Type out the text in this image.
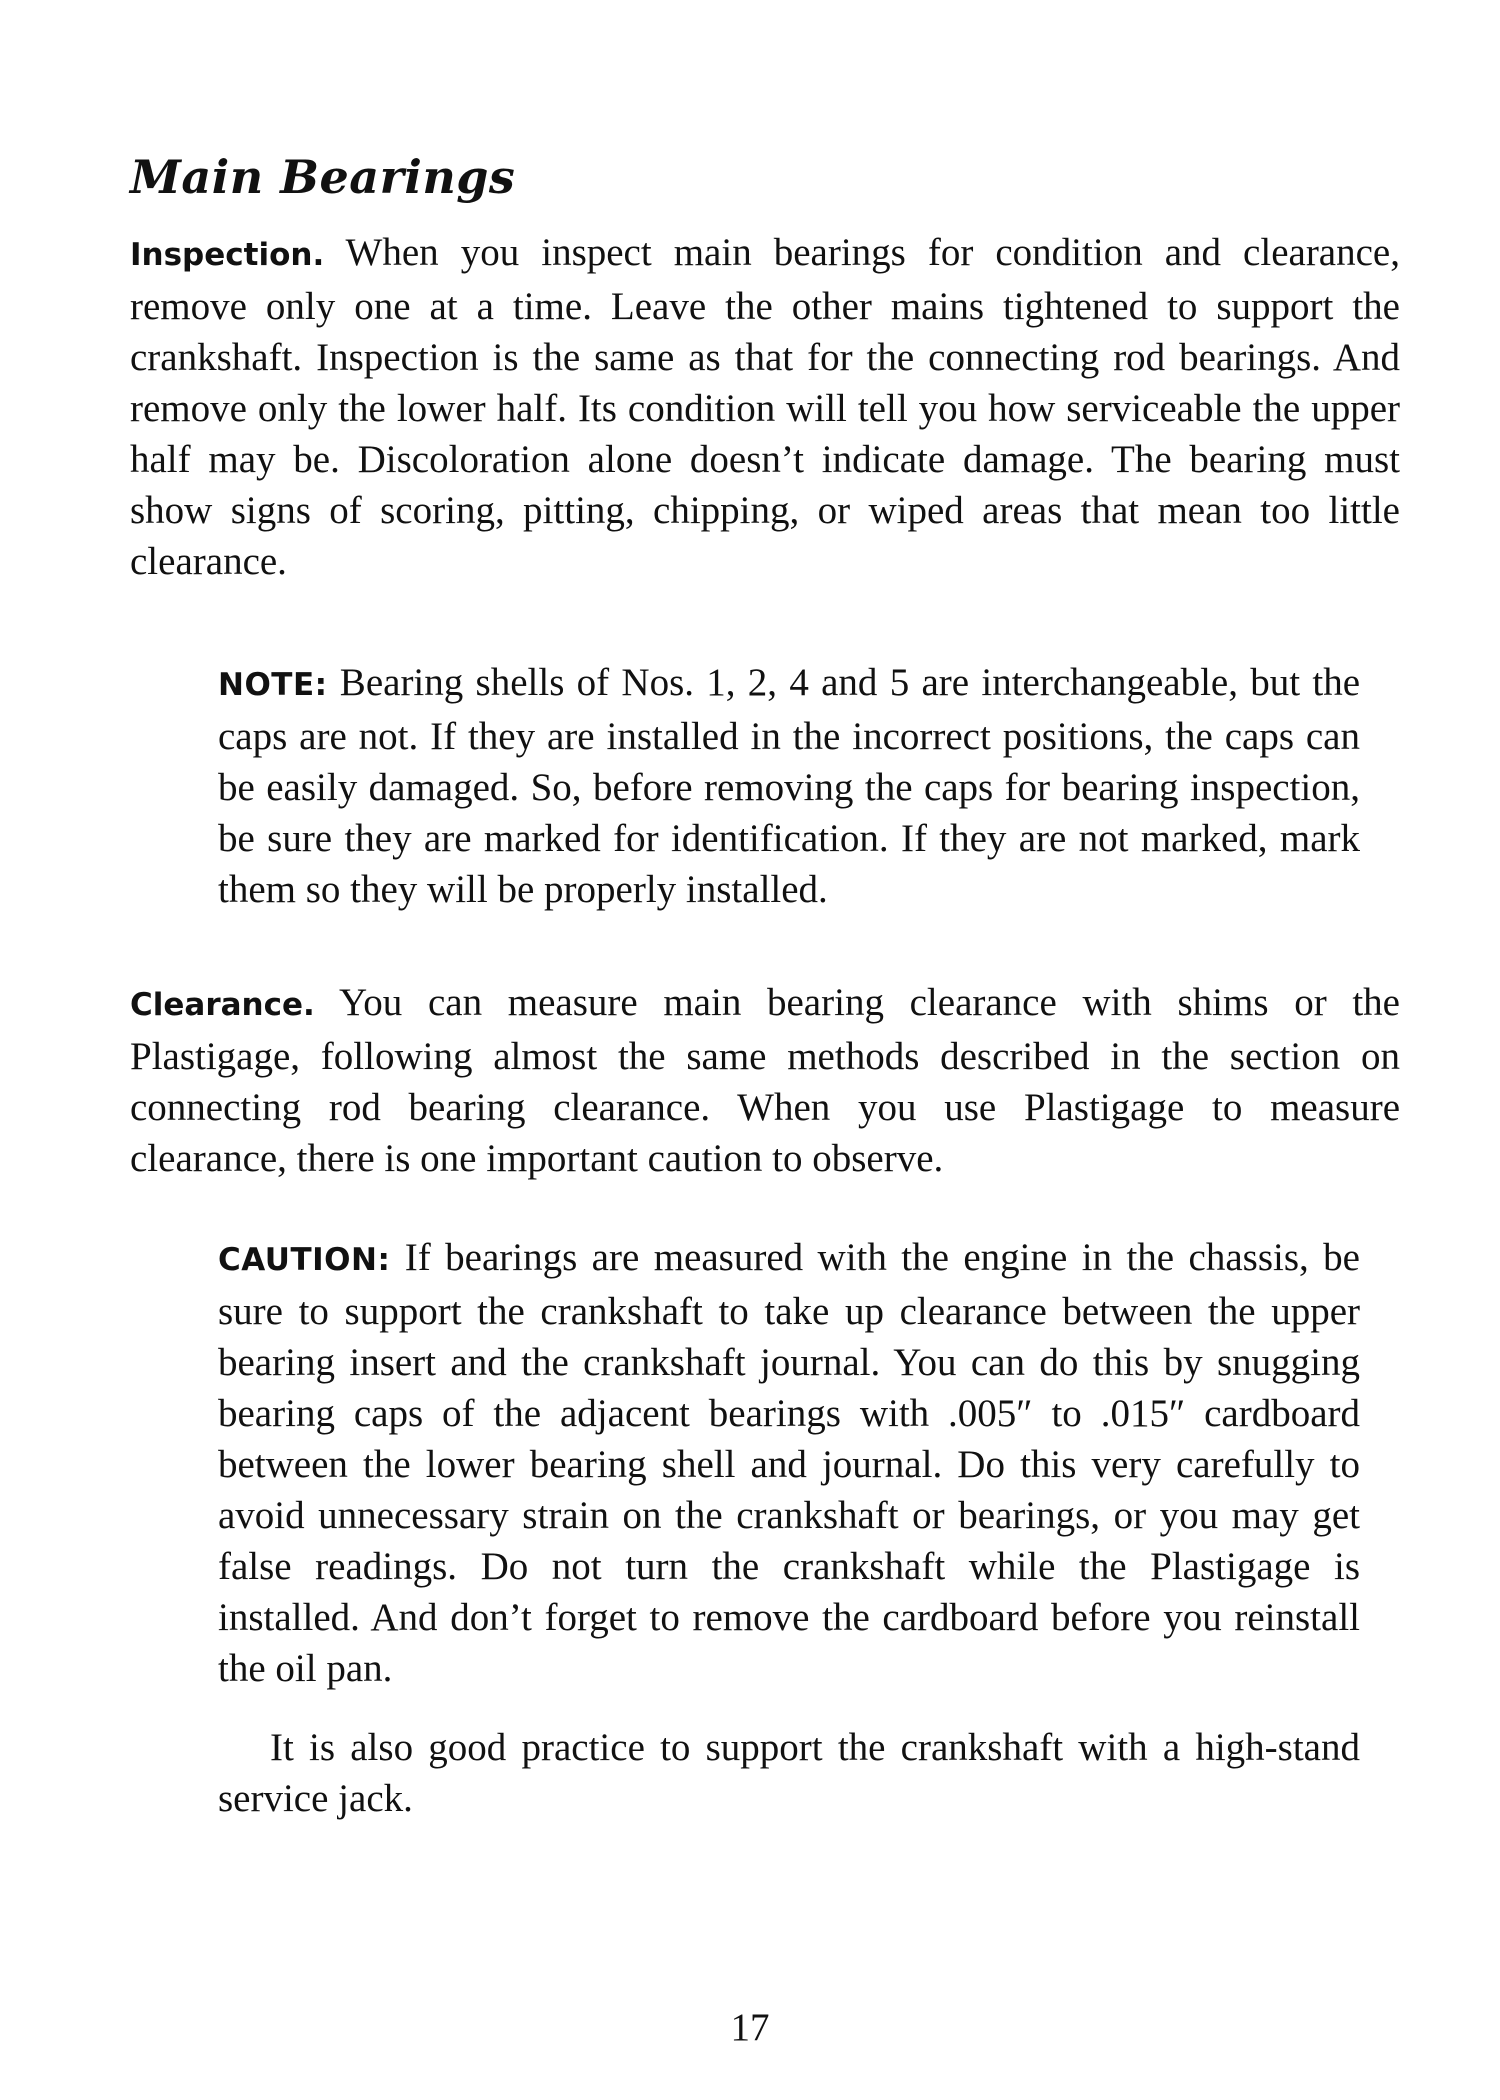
Main Bearings

Inspection. When you inspect main bearings for condition and clearance, remove only one at a time. Leave the other mains tightened to support the crankshaft. Inspection is the same as that for the connecting rod bearings. And remove only the lower half. Its condition will tell you how serviceable the upper half may be. Discoloration alone doesn’t indicate damage. The bearing must show signs of scoring, pitting, chipping, or wiped areas that mean too little clearance.

NOTE: Bearing shells of Nos. 1, 2, 4 and 5 are interchangeable, but the caps are not. If they are installed in the incorrect positions, the caps can be easily damaged. So, before removing the caps for bearing inspection, be sure they are marked for identification. If they are not marked, mark them so they will be properly installed.

Clearance. You can measure main bearing clearance with shims or the Plastigage, following almost the same methods described in the section on connecting rod bearing clearance. When you use Plastigage to measure clearance, there is one important caution to observe.

CAUTION: If bearings are measured with the engine in the chassis, be sure to support the crankshaft to take up clearance between the upper bearing insert and the crankshaft journal. You can do this by snugging bearing caps of the adjacent bearings with .005″ to .015″ cardboard between the lower bearing shell and journal. Do this very carefully to avoid unnecessary strain on the crankshaft or bearings, or you may get false readings. Do not turn the crankshaft while the Plastigage is installed. And don’t forget to remove the cardboard before you reinstall the oil pan.

It is also good practice to support the crankshaft with a high-stand service jack.

17
